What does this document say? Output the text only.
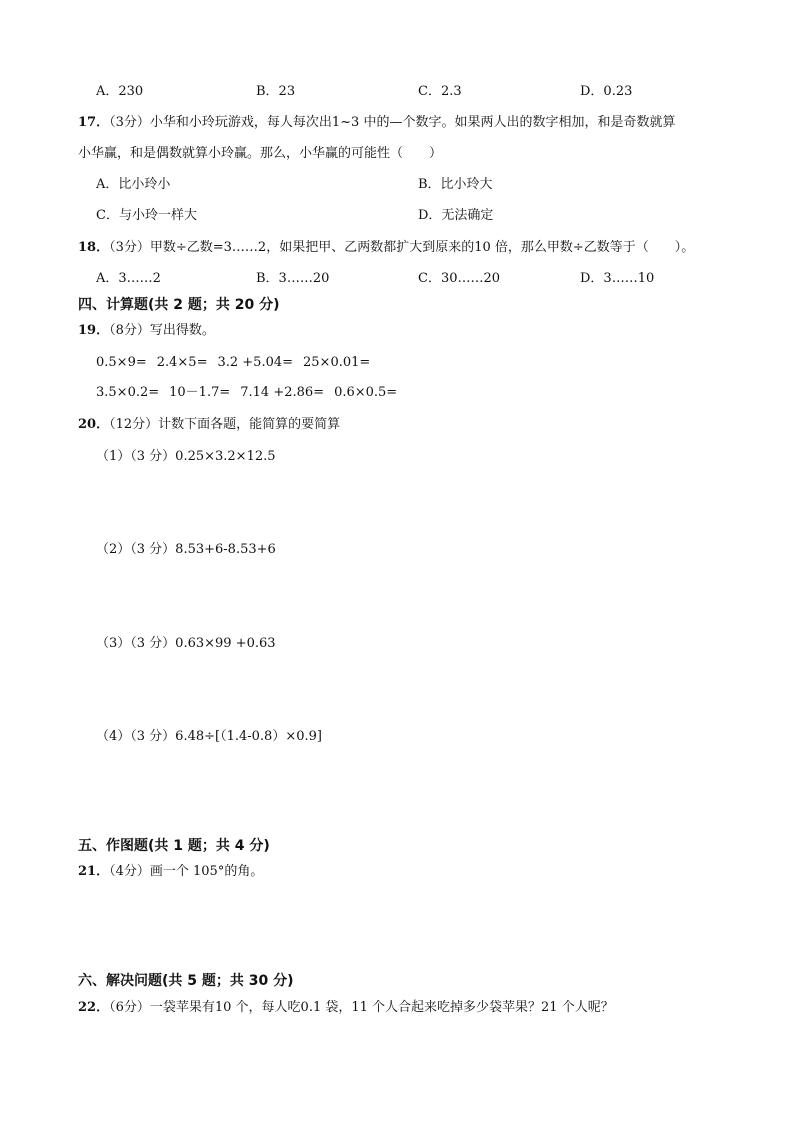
A．230	B．23	C．2.3	D．0.23
17．（3分）小华和小玲玩游戏，每人每次出1~3 中的—个数字。如果两人出的数字相加，和是奇数就算
小华赢，和是偶数就算小玲赢。那么，小华赢的可能性（　　）
A．比小玲小	B．比小玲大
C．与小玲一样大	D．无法确定
18．（3分）甲数÷乙数=3……2，如果把甲、乙两数都扩大到原来的10 倍，那么甲数÷乙数等于（　　）。
A．3……2	B．3……20	C．30……20	D．3……10
四、计算题(共 2 题；共 20 分)
19．（8分）写出得数。
0.5×9= 2.4×5= 3.2 +5.04= 25×0.01=
3.5×0.2= 10－1.7= 7.14 +2.86= 0.6×0.5=
20．（12分）计数下面各题，能简算的要简算
（1）（3 分）0.25×3.2×12.5
（2）（3 分）8.53+6-8.53+6
（3）（3 分）0.63×99 +0.63
（4）（3 分）6.48÷[（1.4-0.8）×0.9]
五、作图题(共 1 题；共 4 分)
21．（4分）画一个 105°的角。
六、解决问题(共 5 题；共 30 分)
22．（6分）一袋苹果有10 个，每人吃0.1 袋，11 个人合起来吃掉多少袋苹果？21 个人呢？
